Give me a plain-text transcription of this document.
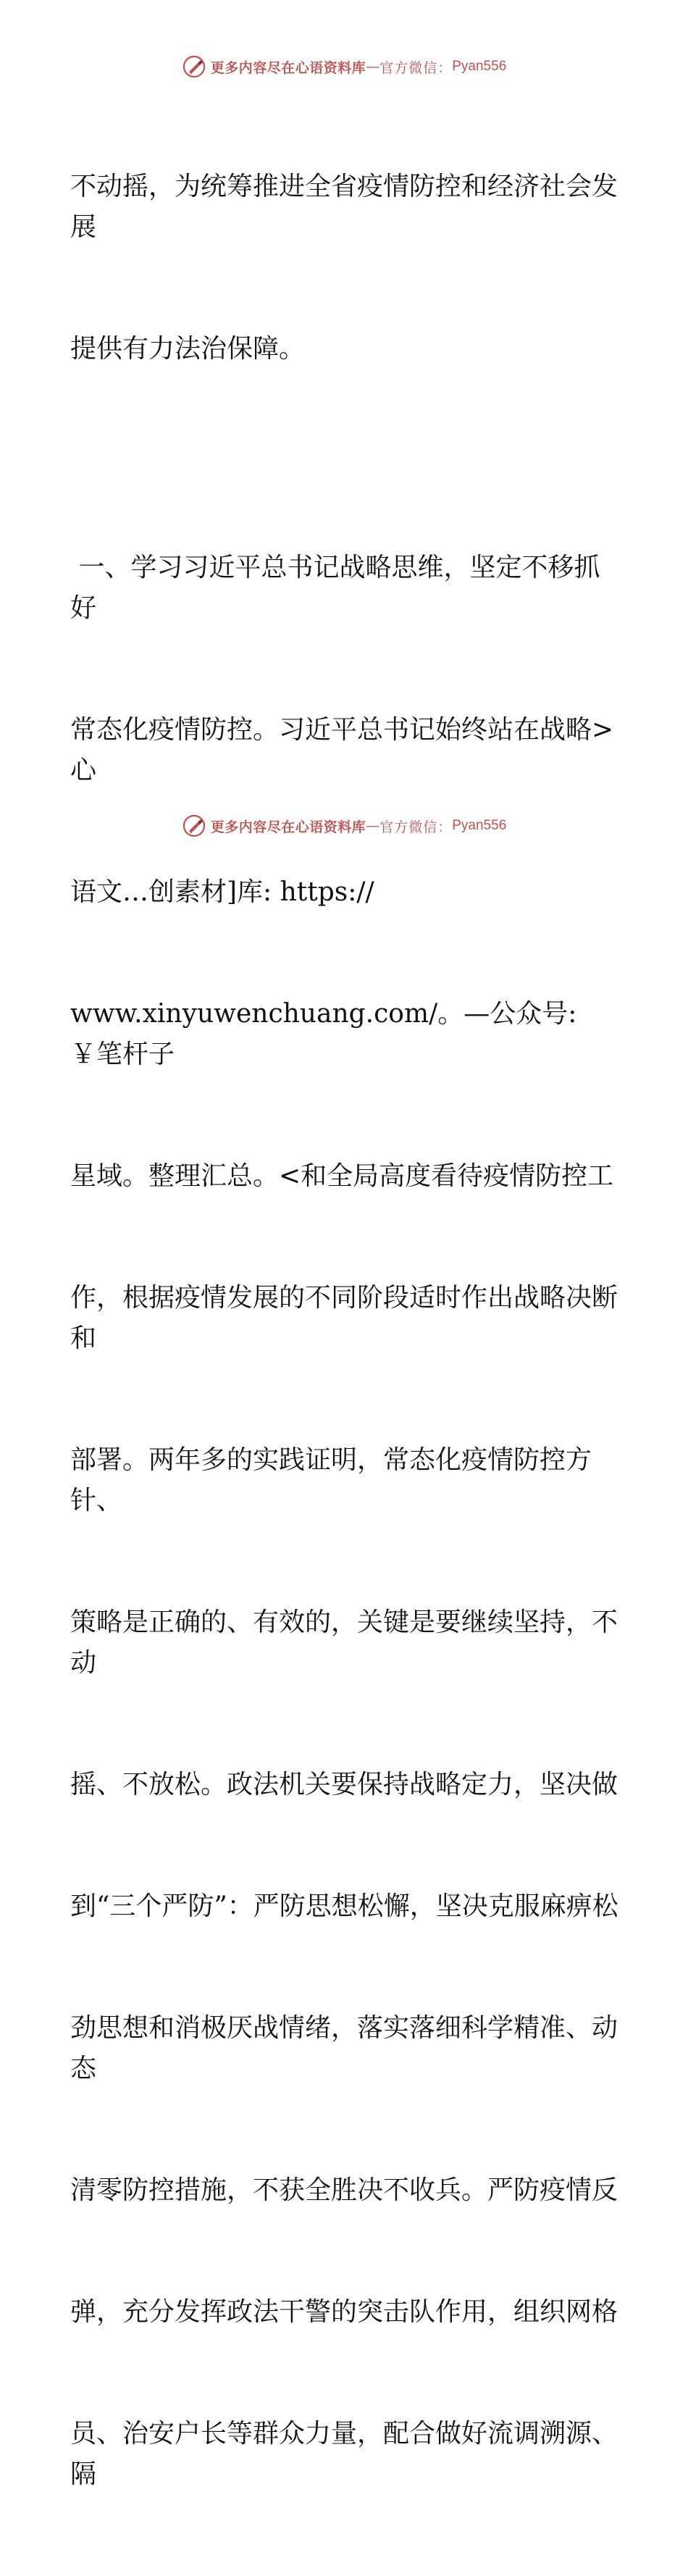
更多内容尽在心语资料库 — 官方微信： Pyan556

不动摇，为统筹推进全省疫情防控和经济社会发展

提供有力法治保障。

一、学习习近平总书记战略思维，坚定不移抓好

常态化疫情防控。习近平总书记始终站在战略>心

语文…创素材]库: https://

www.xinyuwenchuang.com/。—公众号: ￥笔杆子

星域。整理汇总。<和全局高度看待疫情防控工

作，根据疫情发展的不同阶段适时作出战略决断和

部署。两年多的实践证明，常态化疫情防控方针、

策略是正确的、有效的，关键是要继续坚持，不动

摇、不放松。政法机关要保持战略定力，坚决做

到“三个严防”：严防思想松懈，坚决克服麻痹松

劲思想和消极厌战情绪，落实落细科学精准、动态

清零防控措施，不获全胜决不收兵。严防疫情反

弹，充分发挥政法干警的突击队作用，组织网格

员、治安户长等群众力量，配合做好流调溯源、隔

更多内容尽在心语资料库 — 官方微信： Pyan556
